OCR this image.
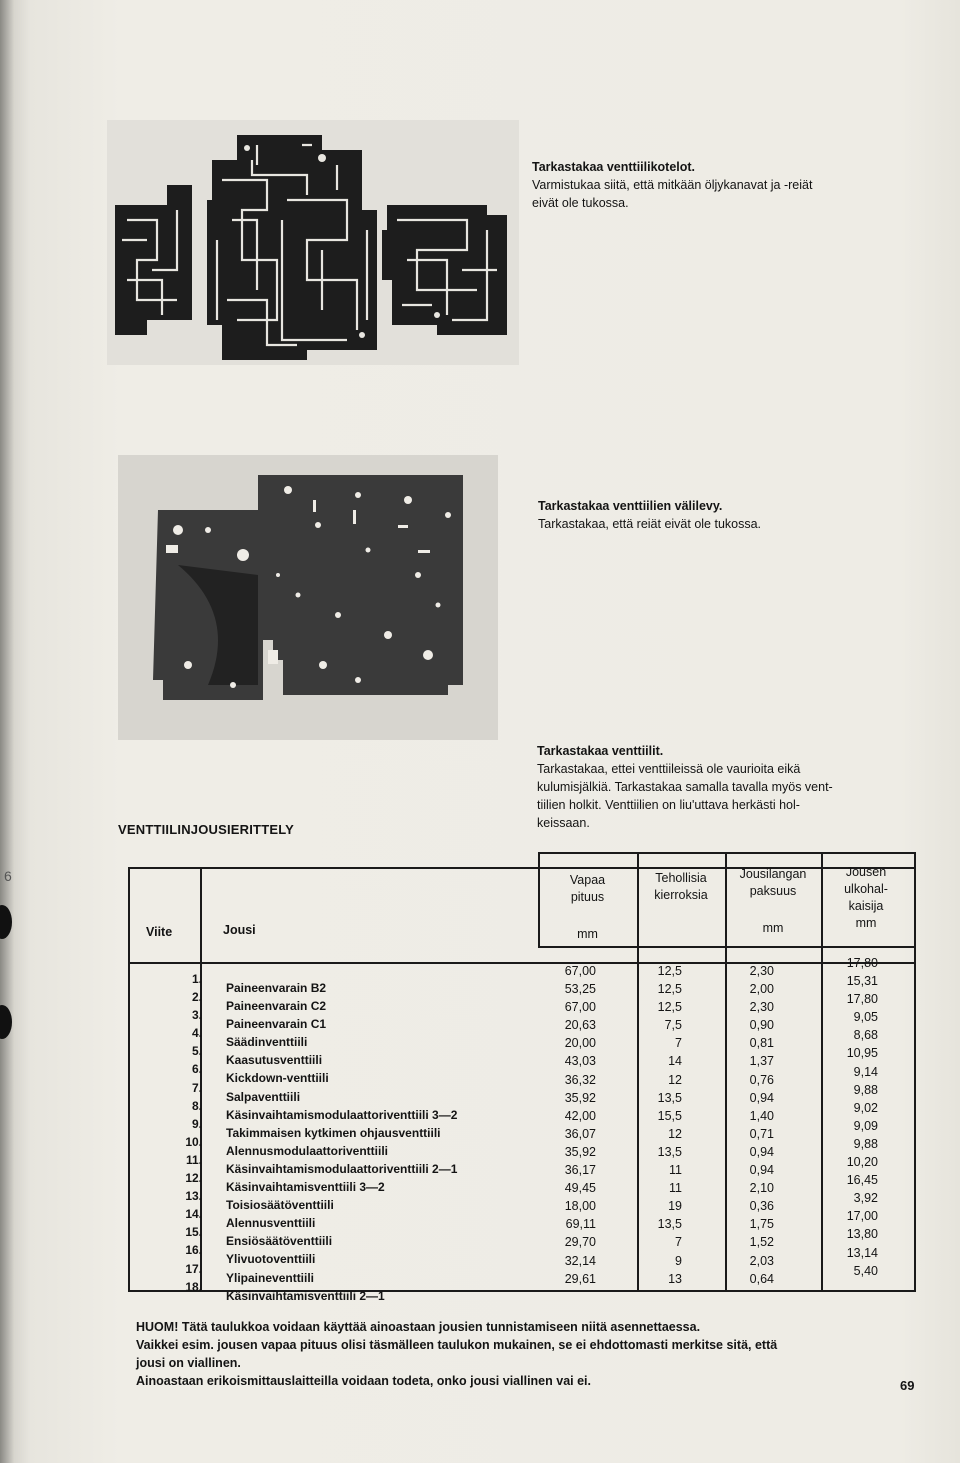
6
Tarkastakaa venttiilikotelot.
Varmistukaa siitä, että mitkään öljykanavat ja -reiät
eivät ole tukossa.
Tarkastakaa venttiilien välilevy.
Tarkastakaa, että reiät eivät ole tukossa.
Tarkastakaa venttiilit.
Tarkastakaa, ettei venttiileissä ole vaurioita eikä
kulumisjälkiä. Tarkastakaa samalla tavalla myös vent-
tiilien holkit. Venttiilien on liu'uttava herkästi hol-
keissaan.
VENTTIILINJOUSIERITTELY
Viite	Jousi
Vapaa
pituus
mm
Tehollisia
kierroksia
Jousilangan
paksuus
mm
Jousen
ulkohal-
kaisija
mm
1.
2.
3.
4.
5.
6.
7.
8.
9.
10.
11.
12.
13.
14.
15.
16.
17.
18.
Paineenvarain B2
Paineenvarain C2
Paineenvarain C1
Säädinventtiili
Kaasutusventtiili
Kickdown-venttiili
Salpaventtiili
Käsinvaihtamismodulaattoriventtiili 3—2
Takimmaisen kytkimen ohjausventtiili
Alennusmodulaattoriventtiili
Käsinvaihtamismodulaattoriventtiili 2—1
Käsinvaihtamisventtiili 3—2
Toisiosäätöventtiili
Alennusventtiili
Ensiösäätöventtiili
Ylivuotoventtiili
Ylipaineventtiili
Käsinvaihtamisventtiili 2—1
67,00
53,25
67,00
20,63
20,00
43,03
36,32
35,92
42,00
36,07
35,92
36,17
49,45
18,00
69,11
29,70
32,14
29,61
12,5
12,5
12,5
7,5
7
14
12
13,5
15,5
12
13,5
11
11
19
13,5
7
9
13
2,30
2,00
2,30
0,90
0,81
1,37
0,76
0,94
1,40
0,71
0,94
0,94
2,10
0,36
1,75
1,52
2,03
0,64
17,80
15,31
17,80
9,05
8,68
10,95
9,14
9,88
9,02
9,09
9,88
10,20
16,45
3,92
17,00
13,80
13,14
5,40
HUOM! Tätä taulukkoa voidaan käyttää ainoastaan jousien tunnistamiseen niitä asennettaessa.
Vaikkei esim. jousen vapaa pituus olisi täsmälleen taulukon mukainen, se ei ehdottomasti merkitse sitä, että
jousi on viallinen.
Ainoastaan erikoismittauslaitteilla voidaan todeta, onko jousi viallinen vai ei.	69
